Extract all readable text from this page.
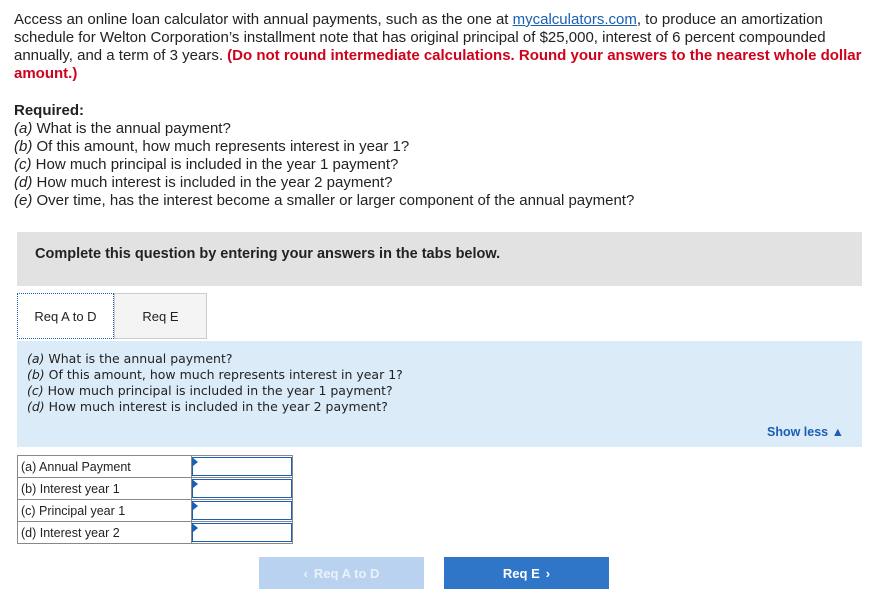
Access an online loan calculator with annual payments, such as the one at mycalculators.com, to produce an amortization schedule for Welton Corporation’s installment note that has original principal of $25,000, interest of 6 percent compounded annually, and a term of 3 years. (Do not round intermediate calculations. Round your answers to the nearest whole dollar amount.)
Required:
(a) What is the annual payment?
(b) Of this amount, how much represents interest in year 1?
(c) How much principal is included in the year 1 payment?
(d) How much interest is included in the year 2 payment?
(e) Over time, has the interest become a smaller or larger component of the annual payment?
Complete this question by entering your answers in the tabs below.
Req A to D	Req E
(a) What is the annual payment?
(b) Of this amount, how much represents interest in year 1?
(c) How much principal is included in the year 1 payment?
(d) How much interest is included in the year 2 payment?
Show less ▲
(a) Annual Payment	

(b) Interest year 1	

(c) Principal year 1	

(d) Interest year 2	
‹ Req A to D	Req E ›
